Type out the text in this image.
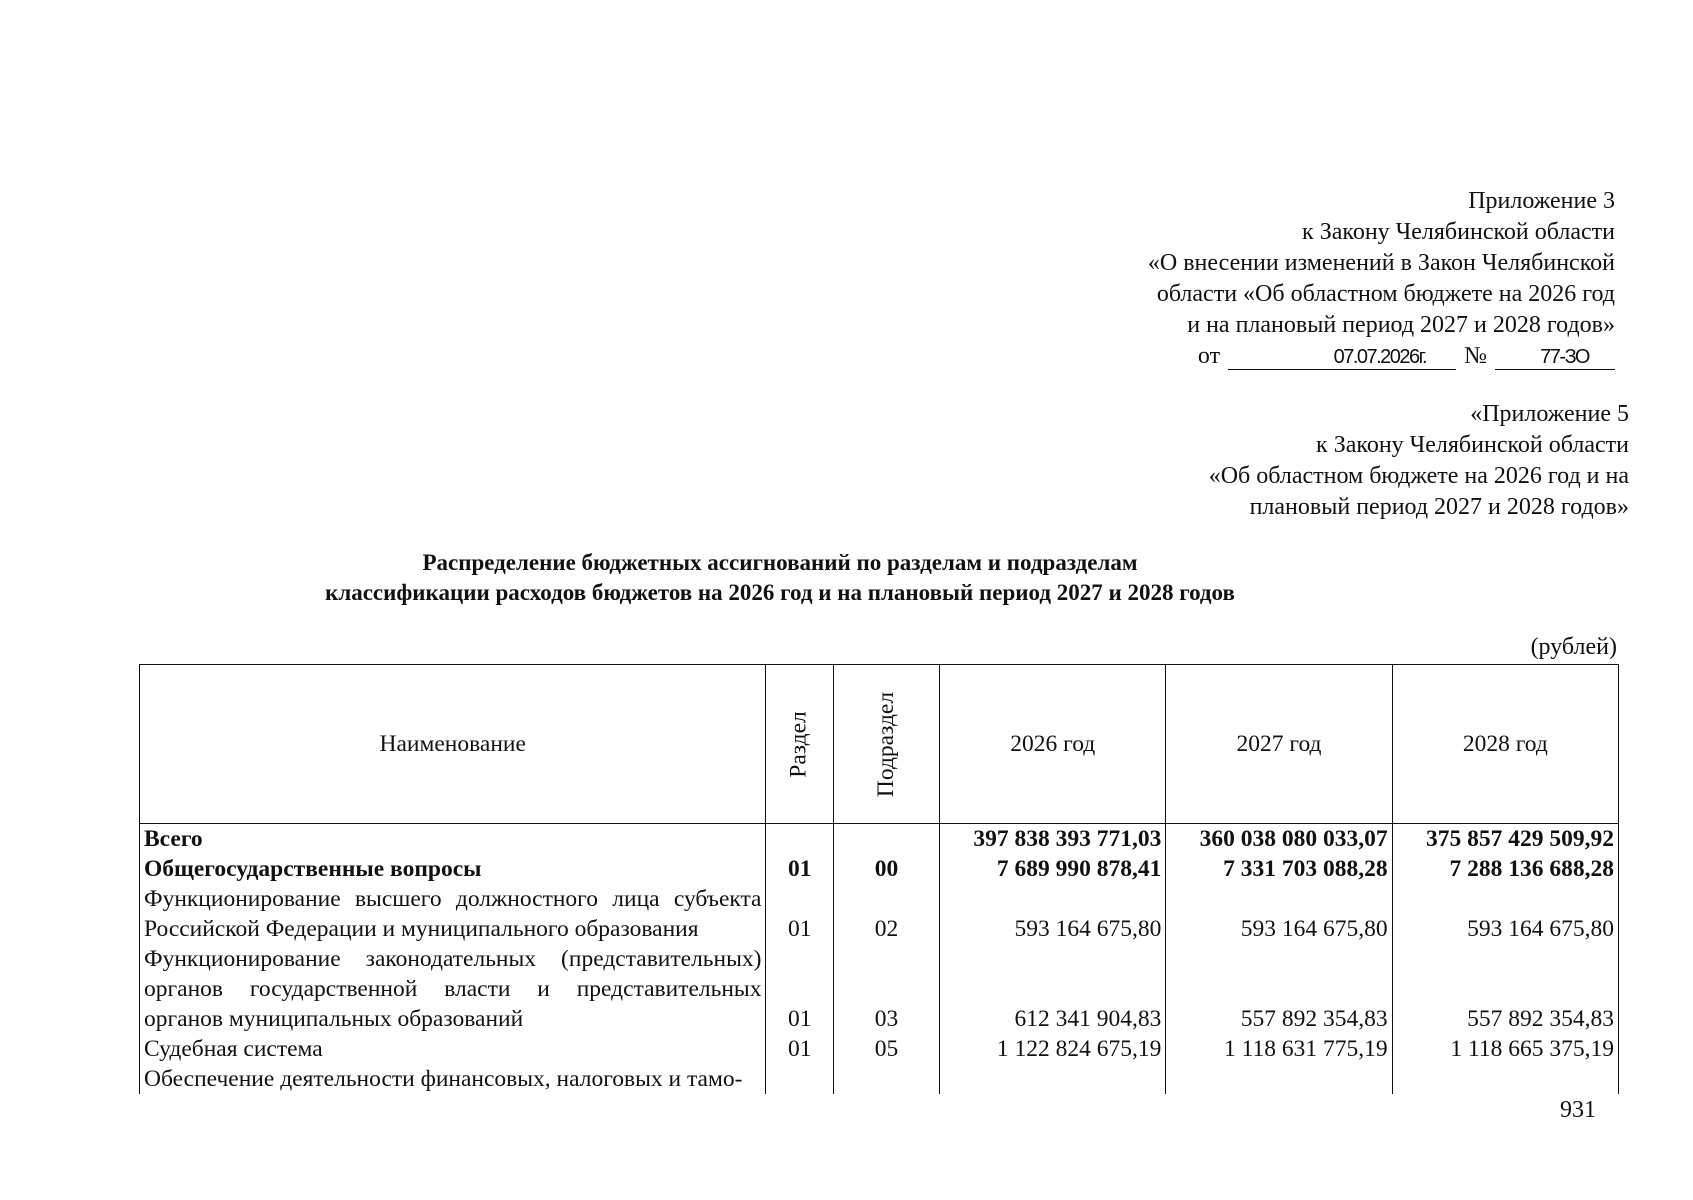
Приложение 3
к Закону Челябинской области
«О внесении изменений в Закон Челябинской
области «Об областном бюджете на 2026 год
и на плановый период 2027 и 2028 годов»
от	07.07.2026г.	№	77-ЗО
«Приложение 5
к Закону Челябинской области
«Об областном бюджете на 2026 год и на
плановый период 2027 и 2028 годов»
Распределение бюджетных ассигнований по разделам и подразделам
классификации расходов бюджетов на 2026 год и на плановый период 2027 и 2028 годов
(рублей)
Наименование	Раздел	Подраздел	2026 год	2027 год	2028 год
Всего			397 838 393 771,03	360 038 080 033,07	375 857 429 509,92
Общегосударственные вопросы	01	00	7 689 990 878,41	7 331 703 088,28	7 288 136 688,28
Функционирование высшего должностного лица субъекта Российской Федерации и муниципального образования	01	02	593 164 675,80	593 164 675,80	593 164 675,80
Функционирование законодательных (представительных) органов государственной власти и представительных органов муниципальных образований	01	03	612 341 904,83	557 892 354,83	557 892 354,83
Судебная система	01	05	1 122 824 675,19	1 118 631 775,19	1 118 665 375,19
Обеспечение деятельности финансовых, налоговых и тамо-					
931
